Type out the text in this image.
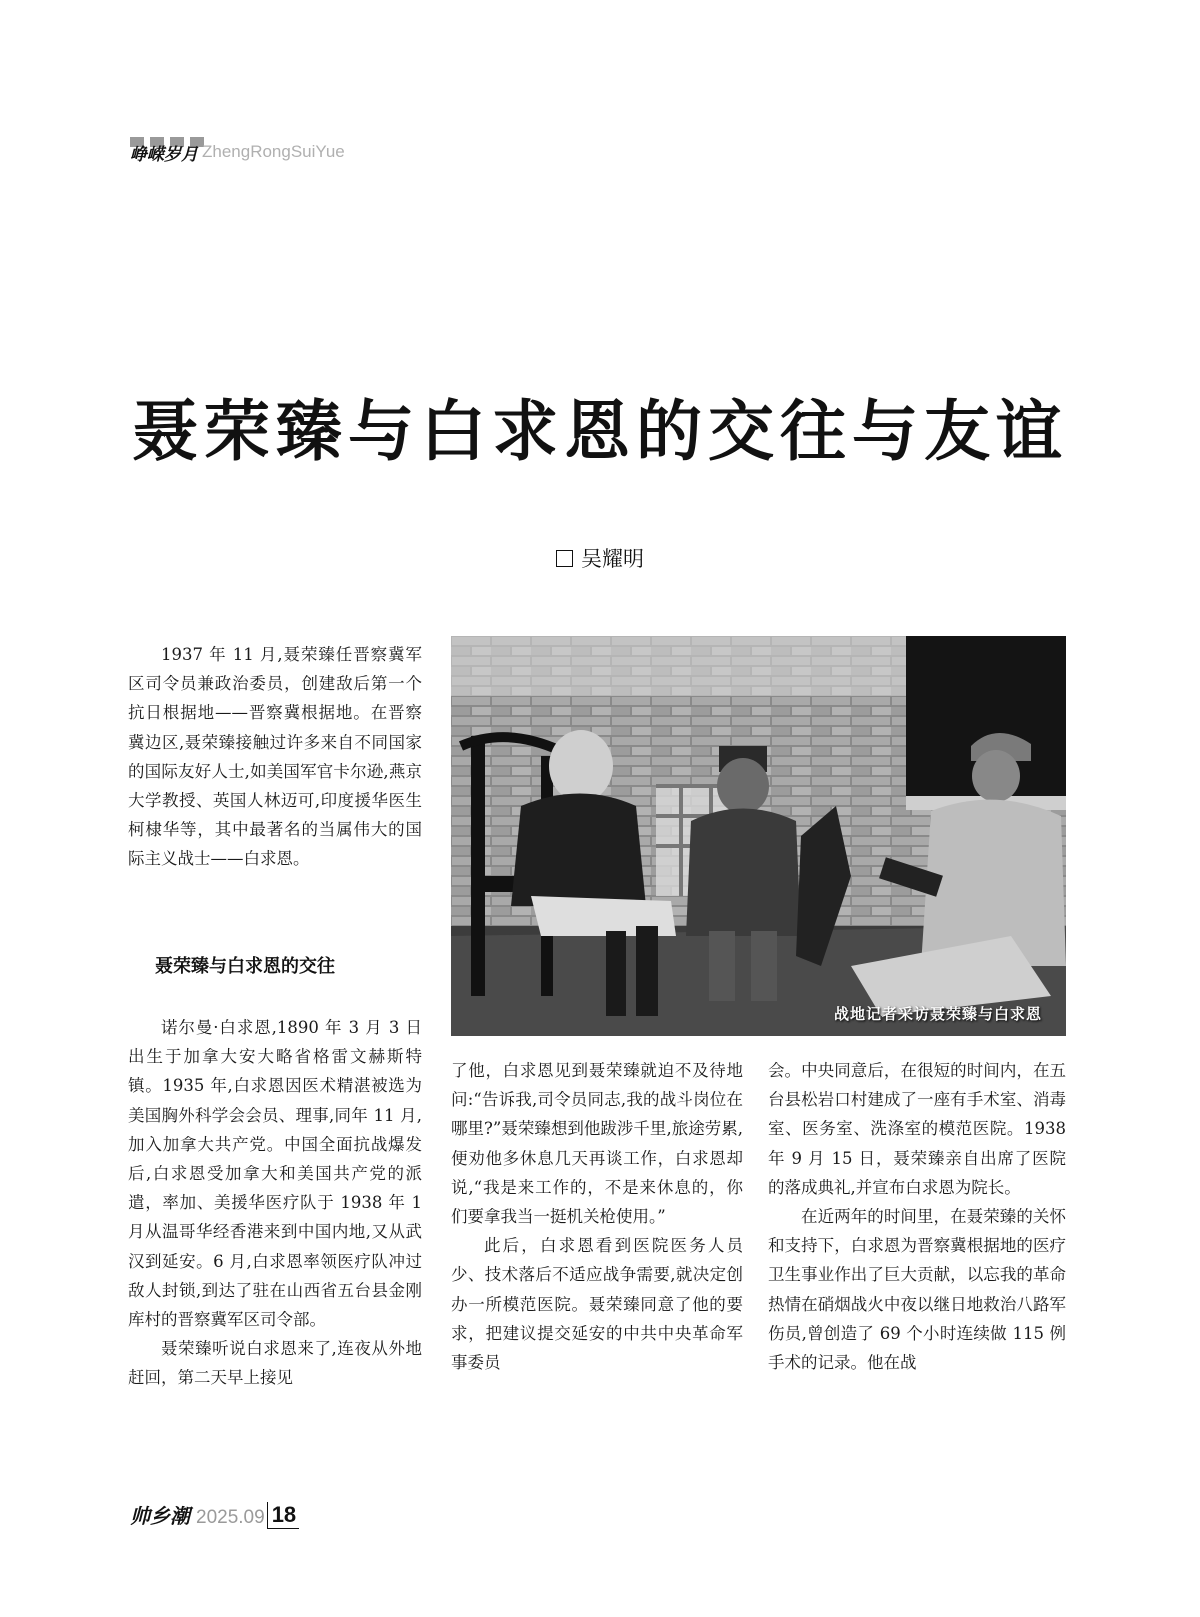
峥嵘岁月 ZhengRongSuiYue
聂荣臻与白求恩的交往与友谊
吴耀明

1937 年 11 月,聂荣臻任晋察冀军区司令员兼政治委员，创建敌后第一个抗日根据地——晋察冀根据地。在晋察冀边区,聂荣臻接触过许多来自不同国家的国际友好人士,如美国军官卡尔逊,燕京大学教授、英国人林迈可,印度援华医生柯棣华等，其中最著名的当属伟大的国际主义战士——白求恩。

聂荣臻与白求恩的交往

诺尔曼·白求恩,1890 年 3 月 3 日出生于加拿大安大略省格雷文赫斯特镇。1935 年,白求恩因医术精湛被选为美国胸外科学会会员、理事,同年 11 月,加入加拿大共产党。中国全面抗战爆发后,白求恩受加拿大和美国共产党的派遣，率加、美援华医疗队于 1938 年 1 月从温哥华经香港来到中国内地,又从武汉到延安。6 月,白求恩率领医疗队冲过敌人封锁,到达了驻在山西省五台县金刚库村的晋察冀军区司令部。

聂荣臻听说白求恩来了,连夜从外地赶回，第二天早上接见

战地记者采访聂荣臻与白求恩

了他，白求恩见到聂荣臻就迫不及待地问:“告诉我,司令员同志,我的战斗岗位在哪里?”聂荣臻想到他跋涉千里,旅途劳累,便劝他多休息几天再谈工作，白求恩却说,“我是来工作的，不是来休息的，你们要拿我当一挺机关枪使用。”

此后，白求恩看到医院医务人员少、技术落后不适应战争需要,就决定创办一所模范医院。聂荣臻同意了他的要求，把建议提交延安的中共中央革命军事委员

会。中央同意后，在很短的时间内，在五台县松岩口村建成了一座有手术室、消毒室、医务室、洗涤室的模范医院。1938 年 9 月 15 日，聂荣臻亲自出席了医院的落成典礼,并宣布白求恩为院长。

在近两年的时间里，在聂荣臻的关怀和支持下，白求恩为晋察冀根据地的医疗卫生事业作出了巨大贡献，以忘我的革命热情在硝烟战火中夜以继日地救治八路军伤员,曾创造了 69 个小时连续做 115 例手术的记录。他在战

帅乡潮 2025.09 18
